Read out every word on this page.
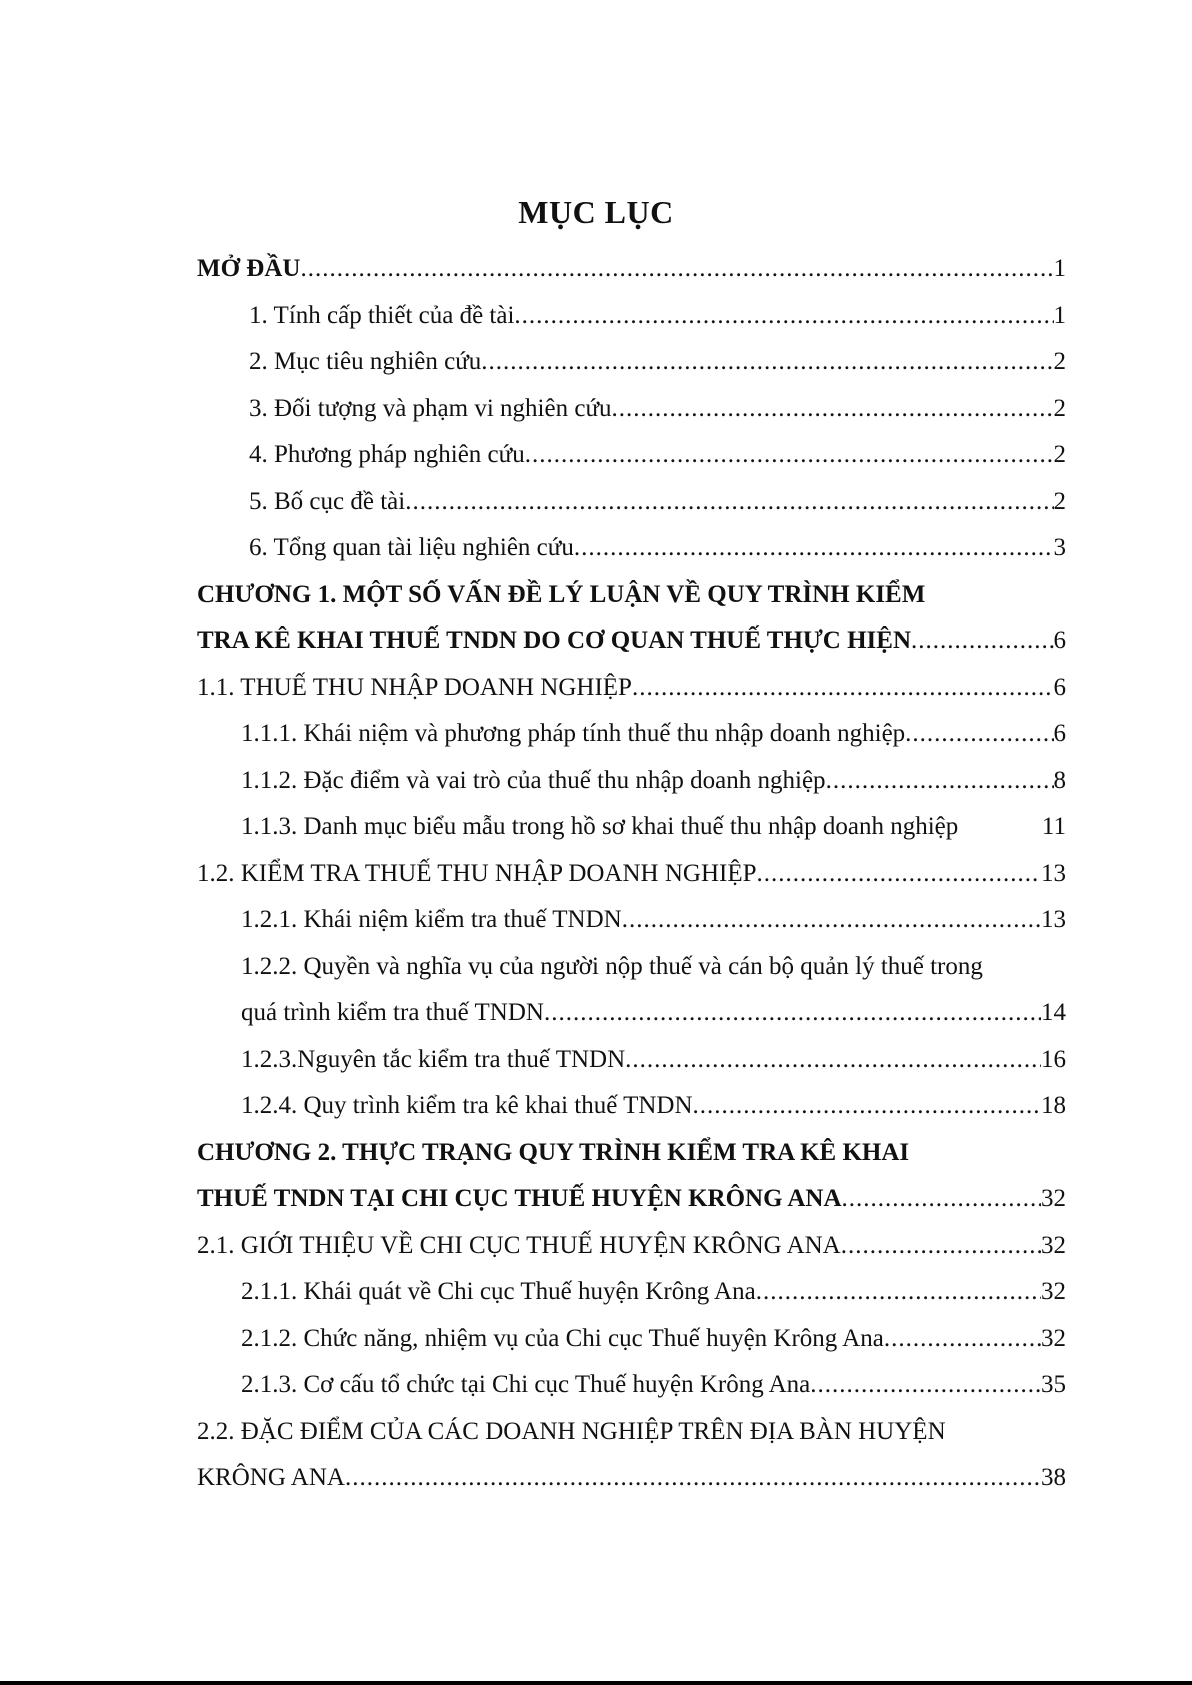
MỤC LỤC
MỞ ĐẦU .....	1
1. Tính cấp thiết của đề tài .....	1
2. Mục tiêu nghiên cứu .....	2
3. Đối tượng và phạm vi nghiên cứu .....	2
4. Phương pháp nghiên cứu .....	2
5. Bố cục đề tài .....	2
6. Tổng quan tài liệu nghiên cứu .....	3
CHƯƠNG 1. MỘT SỐ VẤN ĐỀ LÝ LUẬN VỀ QUY TRÌNH KIỂM
TRA KÊ KHAI THUẾ TNDN DO CƠ QUAN THUẾ THỰC HIỆN .....	6
1.1. THUẾ THU NHẬP DOANH NGHIỆP .....	6
1.1.1. Khái niệm và phương pháp tính thuế thu nhập doanh nghiệp .....	6
1.1.2. Đặc điểm và vai trò của thuế thu nhập doanh nghiệp .....	8
1.1.3. Danh mục biểu mẫu trong hồ sơ khai thuế thu nhập doanh nghiệp	11
1.2. KIỂM TRA THUẾ THU NHẬP DOANH NGHIỆP .....	13
1.2.1. Khái niệm kiểm tra thuế TNDN .....	13
1.2.2. Quyền và nghĩa vụ của người nộp thuế và cán bộ quản lý thuế trong
quá trình kiểm tra thuế TNDN .....	14
1.2.3.Nguyên tắc kiểm tra thuế TNDN .....	16
1.2.4. Quy trình kiểm tra kê khai thuế TNDN .....	18
CHƯƠNG 2. THỰC TRẠNG QUY TRÌNH KIỂM TRA KÊ KHAI
THUẾ TNDN TẠI CHI CỤC THUẾ HUYỆN KRÔNG ANA .....	32
2.1. GIỚI THIỆU VỀ CHI CỤC THUẾ HUYỆN KRÔNG ANA .....	32
2.1.1. Khái quát về Chi cục Thuế huyện Krông Ana .....	32
2.1.2. Chức năng, nhiệm vụ của Chi cục Thuế huyện Krông Ana .....	32
2.1.3. Cơ cấu tổ chức tại Chi cục Thuế huyện Krông Ana .....	35
2.2. ĐẶC ĐIỂM CỦA CÁC DOANH NGHIỆP TRÊN ĐỊA BÀN HUYỆN
KRÔNG ANA .....	38
